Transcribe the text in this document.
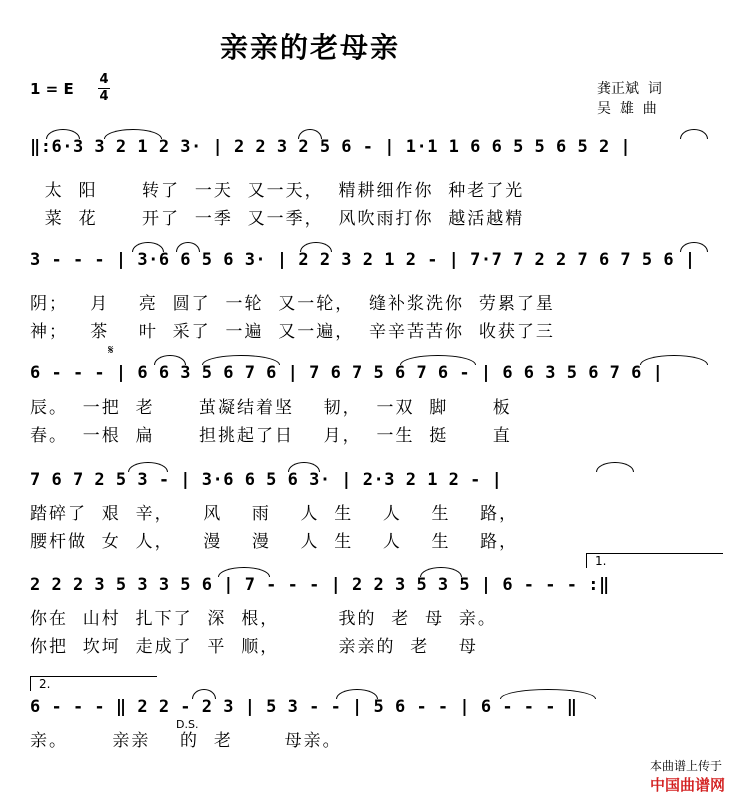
亲亲的老母亲
1 = E
4
4	龚正斌  词
吴  雄  曲
‖:6·3 3 2 1 2 3· | 2 2 3 2 5 6 - | 1·1 1 6 6 5 5 6 5 2 |
太  阳      转了  一天  又一天，  精耕细作你  种老了光
菜  花      开了  一季  又一季，  风吹雨打你  越活越精
3 - - - | 3·6 6 5 6 3· | 2 2 3 2 1 2 - | 7·7 7 2 2 7 6 7 5 6 |
阴；   月    亮  圆了  一轮  又一轮，  缝补浆洗你  劳累了星
神；   茶    叶  采了  一遍  又一遍，  辛辛苦苦你  收获了三
𝄋
6 - - - | 6 6 3 5 6 7 6 | 7 6 7 5 6 7 6 - | 6 6 3 5 6 7 6 |
辰。  一把  老      茧凝结着坚    韧，  一双  脚      板
春。  一根  扁      担挑起了日    月，  一生  挺      直
7 6 7 2 5 3 - | 3·6 6 5 6 3· | 2·3 2 1 2 - |
踏碎了  艰  辛，    风    雨    人  生    人    生    路，
腰杆做  女  人，    漫    漫    人  生    人    生    路，
1.
2 2 2 3 5 3 3 5 6 | 7 - - - | 2 2 3 5 3 5 | 6 - - - :‖
你在  山村  扎下了  深  根，        我的  老  母  亲。
你把  坎坷  走成了  平  顺，        亲亲的  老    母
2.
6 - - - ‖ 2 2 - 2 3 | 5 3 - - | 5 6 - - | 6 - - - ‖
D.S.
亲。      亲亲    的  老       母亲。

本曲谱上传于
中国曲谱网
